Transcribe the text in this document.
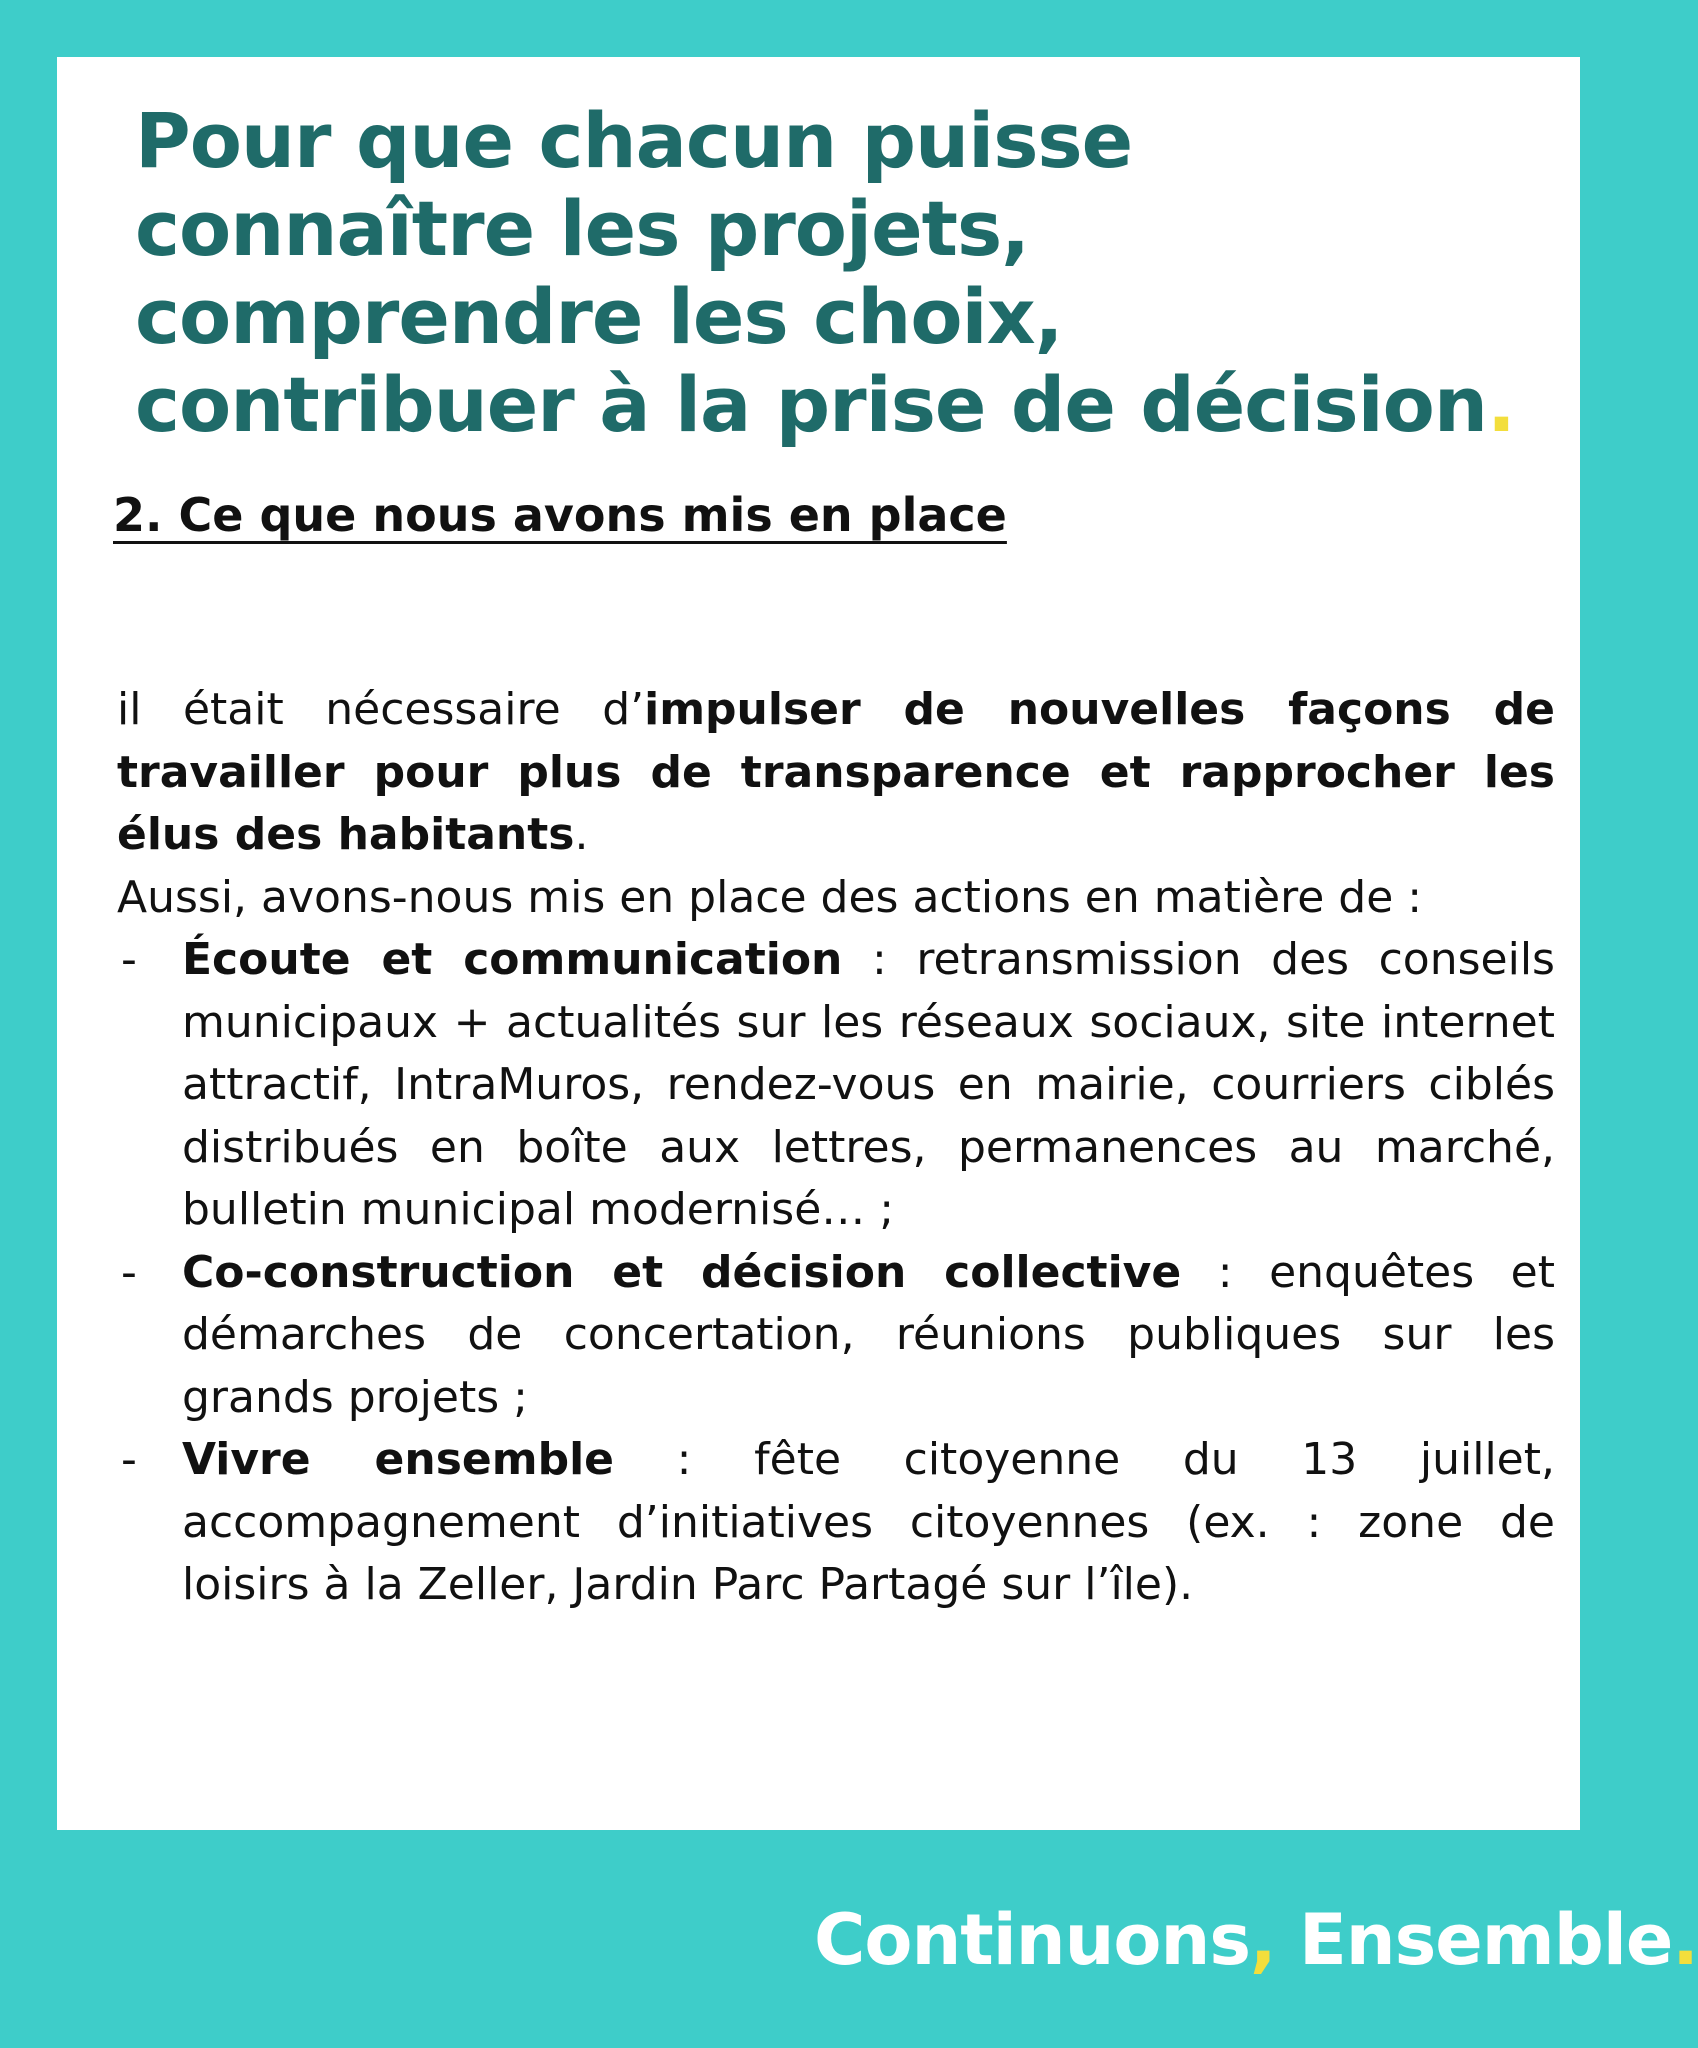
Pour que chacun puisse
connaître les projets,
comprendre les choix,
contribuer à la prise de décision.
2. Ce que nous avons mis en place

il était nécessaire d’impulser de nouvelles façons de travailler pour plus de transparence et rapprocher les élus des habitants.

Aussi, avons-nous mis en place des actions en matière de :

- Écoute et communication : retransmission des conseils municipaux + actualités sur les réseaux sociaux, site internet attractif, IntraMuros, rendez-vous en mairie, courriers ciblés distribués en boîte aux lettres, permanences au marché, bulletin municipal modernisé… ;
- Co-construction et décision collective : enquêtes et démarches de concertation, réunions publiques sur les grands projets ;
- Vivre ensemble : fête citoyenne du 13 juillet, accompagnement d’initiatives citoyennes (ex. : zone de loisirs à la Zeller, Jardin Parc Partagé sur l’île).

Continuons, Ensemble.
